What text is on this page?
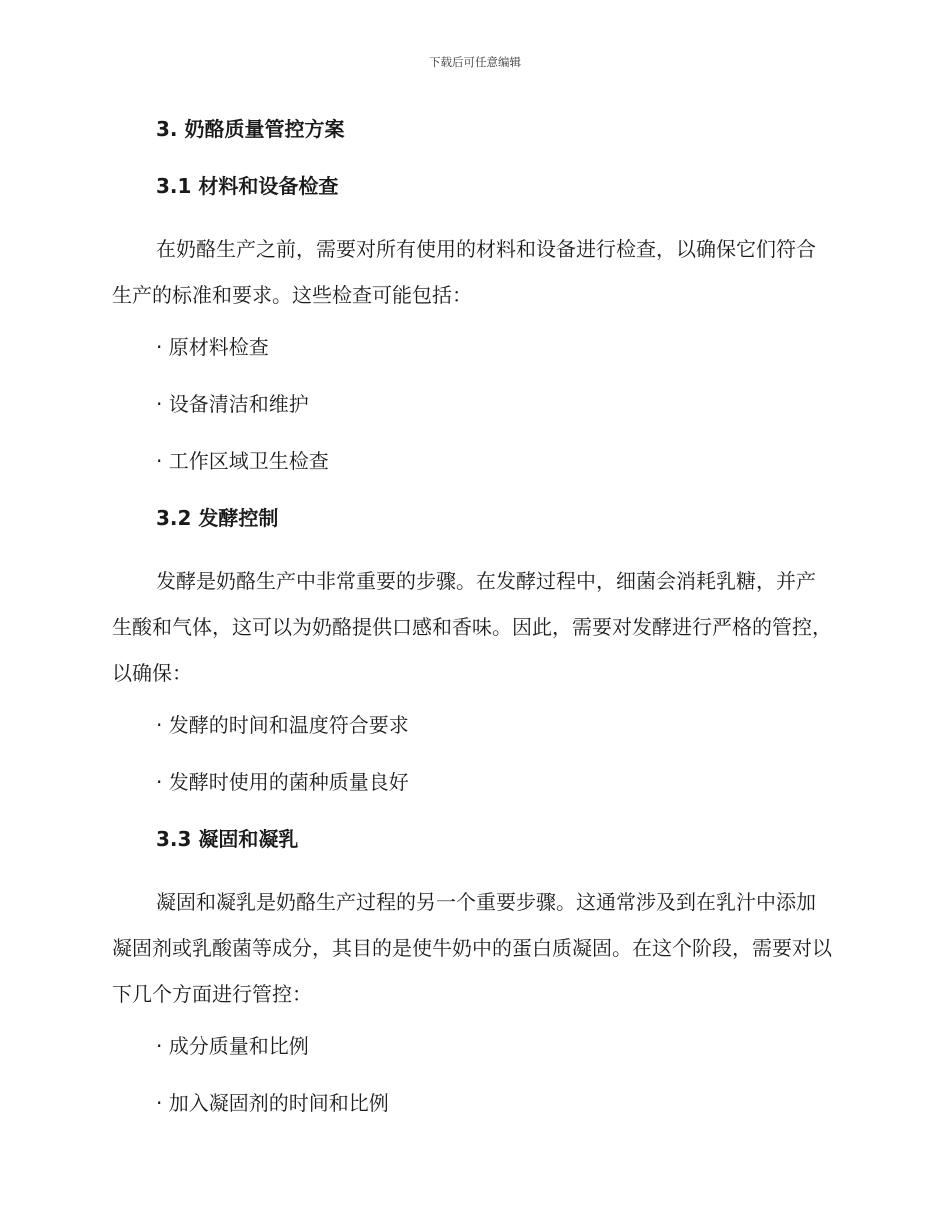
下载后可任意编辑
3. 奶酪质量管控方案
3.1 材料和设备检查

在奶酪生产之前，需要对所有使用的材料和设备进行检查，以确保它们符合生产的标准和要求。这些检查可能包括：

· 原材料检查
· 设备清洁和维护
· 工作区域卫生检查
3.2 发酵控制

发酵是奶酪生产中非常重要的步骤。在发酵过程中，细菌会消耗乳糖，并产生酸和气体，这可以为奶酪提供口感和香味。因此，需要对发酵进行严格的管控，以确保：

· 发酵的时间和温度符合要求
· 发酵时使用的菌种质量良好
3.3 凝固和凝乳

凝固和凝乳是奶酪生产过程的另一个重要步骤。这通常涉及到在乳汁中添加凝固剂或乳酸菌等成分，其目的是使牛奶中的蛋白质凝固。在这个阶段，需要对以下几个方面进行管控：

· 成分质量和比例
· 加入凝固剂的时间和比例
